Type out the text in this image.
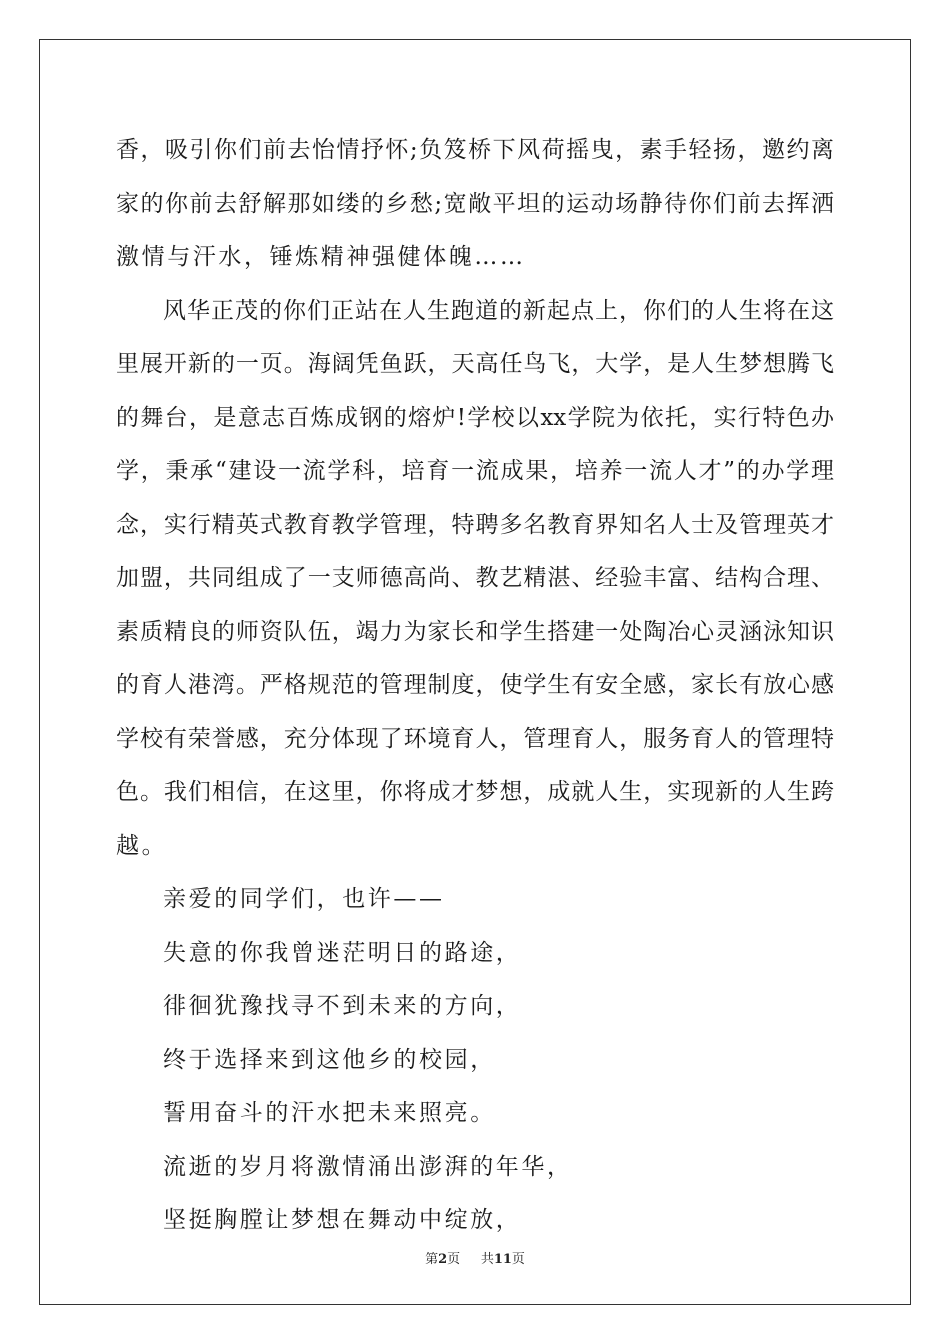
香，吸引你们前去怡情抒怀;负笈桥下风荷摇曳，素手轻扬，邀约离
家的你前去舒解那如缕的乡愁;宽敞平坦的运动场静待你们前去挥洒
激情与汗水，锤炼精神强健体魄……
风华正茂的你们正站在人生跑道的新起点上，你们的人生将在这
里展开新的一页。海阔凭鱼跃，天高任鸟飞，大学，是人生梦想腾飞
的舞台，是意志百炼成钢的熔炉!学校以xx学院为依托，实行特色办
学，秉承“建设一流学科，培育一流成果，培养一流人才”的办学理
念，实行精英式教育教学管理，特聘多名教育界知名人士及管理英才
加盟，共同组成了一支师德高尚、教艺精湛、经验丰富、结构合理、
素质精良的师资队伍，竭力为家长和学生搭建一处陶冶心灵涵泳知识
的育人港湾。严格规范的管理制度，使学生有安全感，家长有放心感
学校有荣誉感，充分体现了环境育人，管理育人，服务育人的管理特
色。我们相信，在这里，你将成才梦想，成就人生，实现新的人生跨
越。
亲爱的同学们，也许——
失意的你我曾迷茫明日的路途，
徘徊犹豫找寻不到未来的方向，
终于选择来到这他乡的校园，
誓用奋斗的汗水把未来照亮。
流逝的岁月将激情涌出澎湃的年华，
坚挺胸膛让梦想在舞动中绽放，
第2页 共11页
